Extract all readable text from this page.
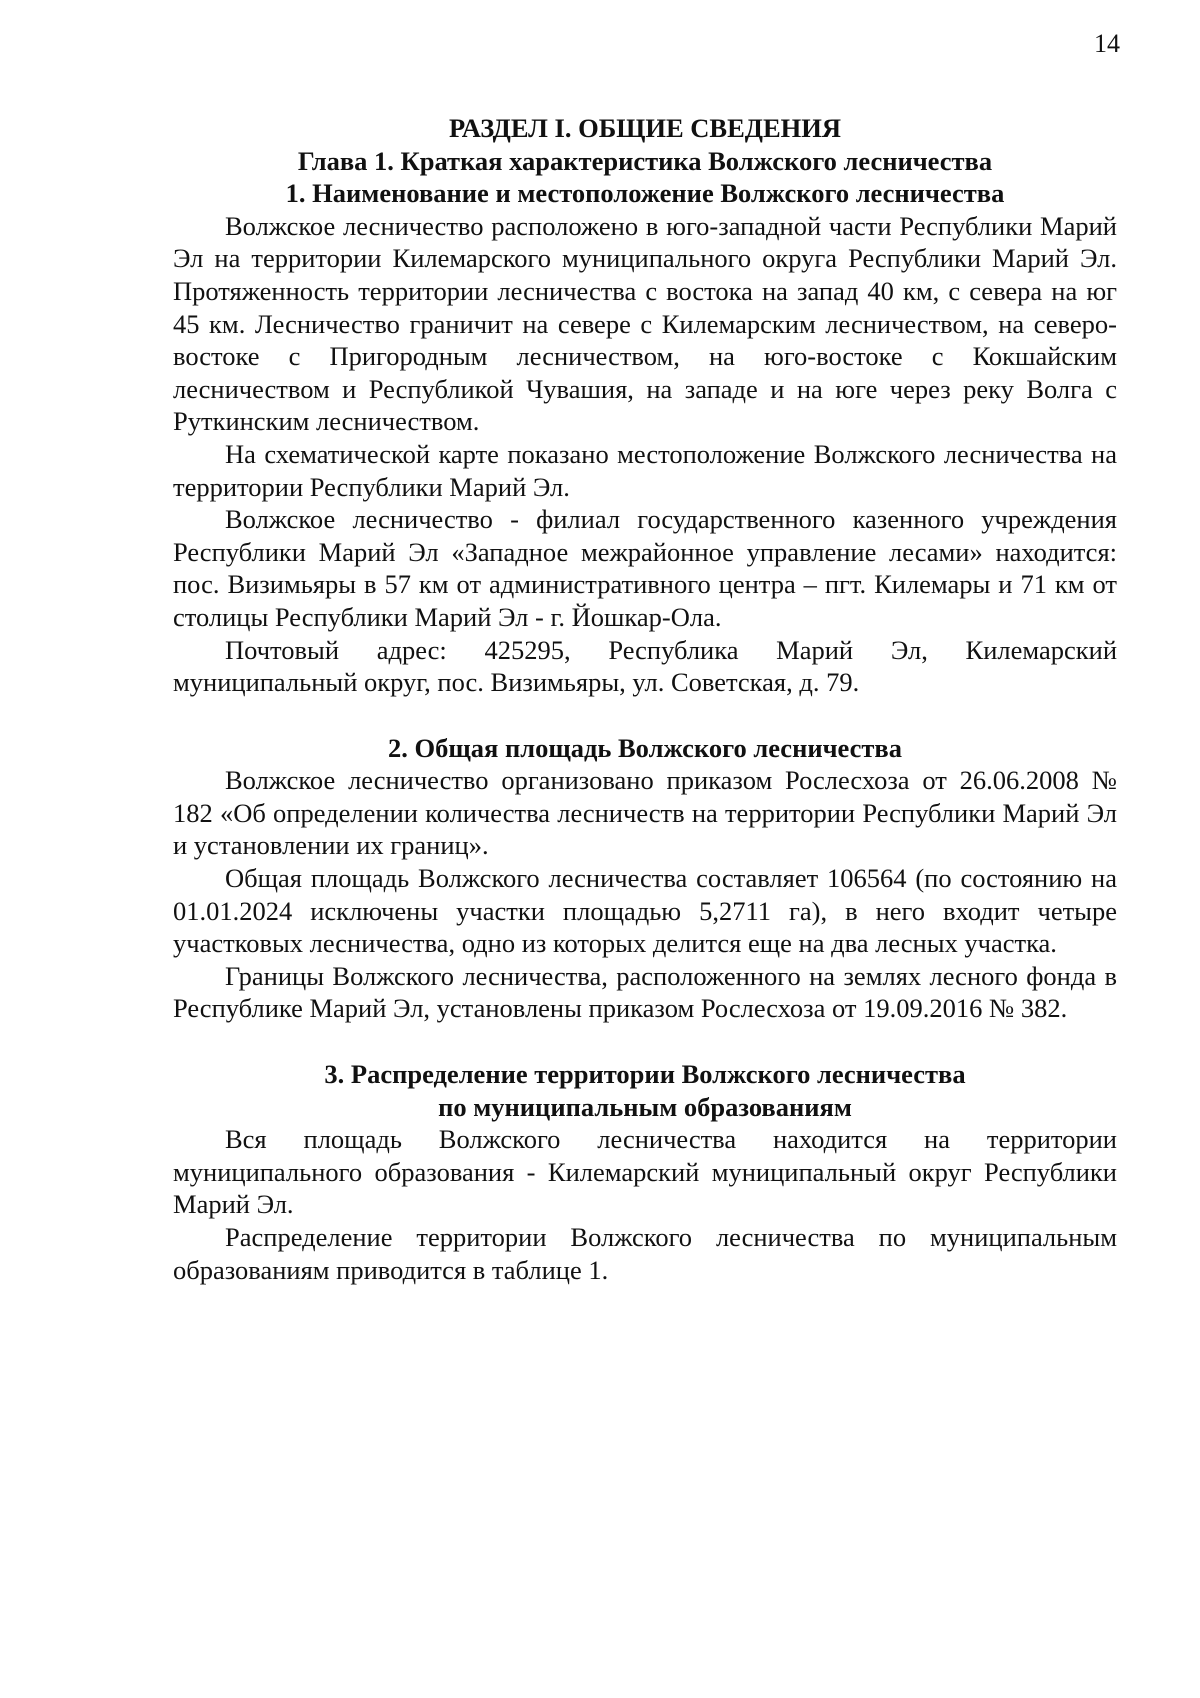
14

РАЗДЕЛ I. ОБЩИЕ СВЕДЕНИЯ

Глава 1. Краткая характеристика Волжского лесничества

1. Наименование и местоположение Волжского лесничества

Волжское лесничество расположено в юго-западной части Республики Марий Эл на территории Килемарского муниципального округа Республики Марий Эл. Протяженность территории лесничества с востока на запад 40 км, с севера на юг 45 км. Лесничество граничит на севере с Килемарским лесничеством, на северо-востоке с Пригородным лесничеством, на юго-востоке с Кокшайским лесничеством и Республикой Чувашия, на западе и на юге через реку Волга с Руткинским лесничеством.

На схематической карте показано местоположение Волжского лесничества на территории Республики Марий Эл.

Волжское лесничество - филиал государственного казенного учреждения Республики Марий Эл «Западное межрайонное управление лесами» находится: пос. Визимьяры в 57 км от административного центра – пгт. Килемары и 71 км от столицы Республики Марий Эл - г. Йошкар-Ола.

Почтовый адрес: 425295, Республика Марий Эл, Килемарский муниципальный округ, пос. Визимьяры, ул. Советская, д. 79.

2. Общая площадь Волжского лесничества

Волжское лесничество организовано приказом Рослесхоза от 26.06.2008 № 182 «Об определении количества лесничеств на территории Республики Марий Эл и установлении их границ».

Общая площадь Волжского лесничества составляет 106564 (по состоянию на 01.01.2024 исключены участки площадью 5,2711 га), в него входит четыре участковых лесничества, одно из которых делится еще на два лесных участка.

Границы Волжского лесничества, расположенного на землях лесного фонда в Республике Марий Эл, установлены приказом Рослесхоза от 19.09.2016 № 382.

3. Распределение территории Волжского лесничества
по муниципальным образованиям

Вся площадь Волжского лесничества находится на территории муниципального образования - Килемарский муниципальный округ Республики Марий Эл.

Распределение территории Волжского лесничества по муниципальным образованиям приводится в таблице 1.
